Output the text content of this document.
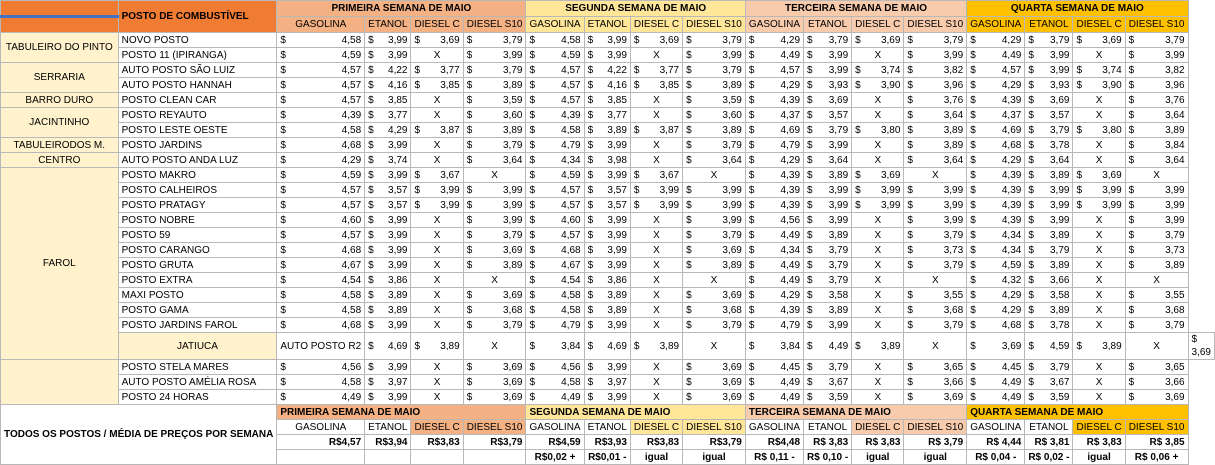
	POSTO DE COMBUSTÍVEL	PRIMEIRA SEMANA DE MAIO				SEGUNDA SEMANA DE MAIO				TERCEIRA SEMANA DE MAIO				QUARTA SEMANA DE MAIO				
		GASOLINA	ETANOL	DIESEL C	DIESEL S10	GASOLINA	ETANOL	DIESEL C	DIESEL S10	GASOLINA	ETANOL	DIESEL C	DIESEL S10	GASOLINA	ETANOL	DIESEL C	DIESEL S10	
TABULEIRO DO PINTO	NOVO POSTO	$ 4,58	$ 3,99	$ 3,69	$ 3,79	$ 4,58	$ 3,99	$ 3,69	$ 3,79	$ 4,29	$ 3,79	$ 3,69	$ 3,79	$ 4,29	$ 3,79	$ 3,69	$ 3,79	

	POSTO 11 (IPIRANGA)	$ 4,59	$ 3,99	X	$ 3,99	$ 4,59	$ 3,99	X	$ 3,99	$ 4,49	$ 3,99	X	$ 3,99	$ 4,49	$ 3,99	X	$ 3,99	

SERRARIA	AUTO POSTO SÃO LUIZ	$ 4,57	$ 4,22	$ 3,77	$ 3,79	$ 4,57	$ 4,22	$ 3,77	$ 3,79	$ 4,57	$ 3,99	$ 3,74	$ 3,82	$ 4,57	$ 3,99	$ 3,74	$ 3,82	

	AUTO POSTO HANNAH	$ 4,57	$ 4,16	$ 3,85	$ 3,89	$ 4,57	$ 4,16	$ 3,85	$ 3,89	$ 4,29	$ 3,93	$ 3,90	$ 3,96	$ 4,29	$ 3,93	$ 3,90	$ 3,96	

BARRO DURO	POSTO CLEAN CAR	$ 4,57	$ 3,85	X	$ 3,59	$ 4,57	$ 3,85	X	$ 3,59	$ 4,39	$ 3,69	X	$ 3,76	$ 4,39	$ 3,69	X	$ 3,76	

JACINTINHO	POSTO REYAUTO	$ 4,39	$ 3,77	X	$ 3,60	$ 4,39	$ 3,77	X	$ 3,60	$ 4,37	$ 3,57	X	$ 3,64	$ 4,37	$ 3,57	X	$ 3,64	

	POSTO LESTE OESTE	$ 4,58	$ 4,29	$ 3,87	$ 3,89	$ 4,58	$ 3,89	$ 3,87	$ 3,89	$ 4,69	$ 3,79	$ 3,80	$ 3,89	$ 4,69	$ 3,79	$ 3,80	$ 3,89	

TABULEIRODOS M.	POSTO JARDINS	$ 4,68	$ 3,99	X	$ 3,79	$ 4,79	$ 3,99	X	$ 3,79	$ 4,79	$ 3,99	X	$ 3,89	$ 4,68	$ 3,78	X	$ 3,84	

CENTRO	AUTO POSTO ANDA LUZ	$ 4,29	$ 3,74	X	$ 3,64	$ 4,34	$ 3,98	X	$ 3,64	$ 4,29	$ 3,64	X	$ 3,64	$ 4,29	$ 3,64	X	$ 3,64	

FAROL	POSTO MAKRO	$ 4,59	$ 3,99	$ 3,67	X	$ 4,59	$ 3,99	$ 3,67	X	$ 4,39	$ 3,89	$ 3,69	X	$ 4,39	$ 3,89	$ 3,69	X	
	POSTO CALHEIROS	$ 4,57	$ 3,57	$ 3,99	$ 3,99	$ 4,57	$ 3,57	$ 3,99	$ 3,99	$ 4,39	$ 3,99	$ 3,99	$ 3,99	$ 4,39	$ 3,99	$ 3,99	$ 3,99	

	POSTO PRATAGY	$ 4,57	$ 3,57	$ 3,99	$ 3,99	$ 4,57	$ 3,57	$ 3,99	$ 3,99	$ 4,39	$ 3,99	$ 3,99	$ 3,99	$ 4,39	$ 3,99	$ 3,99	$ 3,99	

	POSTO NOBRE	$ 4,60	$ 3,99	X	$ 3,99	$ 4,60	$ 3,99	X	$ 3,99	$ 4,56	$ 3,99	X	$ 3,99	$ 4,39	$ 3,99	X	$ 3,99	

	POSTO 59	$ 4,57	$ 3,99	X	$ 3,79	$ 4,57	$ 3,99	X	$ 3,79	$ 4,49	$ 3,89	X	$ 3,79	$ 4,34	$ 3,89	X	$ 3,79	

	POSTO CARANGO	$ 4,68	$ 3,99	X	$ 3,69	$ 4,68	$ 3,99	X	$ 3,69	$ 4,34	$ 3,79	X	$ 3,73	$ 4,34	$ 3,79	X	$ 3,73	

	POSTO GRUTA	$ 4,67	$ 3,99	X	$ 3,89	$ 4,67	$ 3,99	X	$ 3,89	$ 4,49	$ 3,79	X	$ 3,79	$ 4,59	$ 3,89	X	$ 3,89	

	POSTO EXTRA	$ 4,54	$ 3,86	X	X	$ 4,54	$ 3,86	X	X	$ 4,49	$ 3,79	X	X	$ 4,32	$ 3,66	X	X	
	MAXI POSTO	$ 4,58	$ 3,89	X	$ 3,69	$ 4,58	$ 3,89	X	$ 3,69	$ 4,29	$ 3,58	X	$ 3,55	$ 4,29	$ 3,58	X	$ 3,55	

	POSTO GAMA	$ 4,58	$ 3,89	X	$ 3,68	$ 4,58	$ 3,89	X	$ 3,68	$ 4,39	$ 3,89	X	$ 3,68	$ 4,29	$ 3,89	X	$ 3,68	

	POSTO JARDINS FAROL	$ 4,68	$ 3,99	X	$ 3,79	$ 4,79	$ 3,99	X	$ 3,79	$ 4,79	$ 3,99	X	$ 3,79	$ 4,68	$ 3,78	X	$ 3,79	

	JATIUCA	AUTO POSTO R2	$ 4,69	$ 3,89	X	$ 3,84	$ 4,69	$ 3,89	X	$ 3,84	$ 4,49	$ 3,89	X	$ 3,69	$ 4,59	$ 3,89	X	$
3,69

	POSTO STELA MARES	$ 4,56	$ 3,99	X	$ 3,69	$ 4,56	$ 3,99	X	$ 3,69	$ 4,45	$ 3,79	X	$ 3,65	$ 4,45	$ 3,79	X	$ 3,65	

	AUTO POSTO AMÉLIA ROSA	$ 4,58	$ 3,97	X	$ 3,69	$ 4,58	$ 3,97	X	$ 3,69	$ 4,49	$ 3,67	X	$ 3,66	$ 4,49	$ 3,67	X	$ 3,66	

	POSTO 24 HORAS	$ 4,49	$ 3,99	X	$ 3,69	$ 4,49	$ 3,99	X	$ 3,69	$ 4,49	$ 3,59	X	$ 3,69	$ 4,49	$ 3,59	X	$ 3,69	

TODOS OS POSTOS / MÉDIA DE PREÇOS POR SEMANA		PRIMEIRA SEMANA DE MAIO				SEGUNDA SEMANA DE MAIO				TERCEIRA SEMANA DE MAIO				QUARTA SEMANA DE MAIO				
		GASOLINA	ETANOL	DIESEL C	DIESEL S10	GASOLINA	ETANOL	DIESEL C	DIESEL S10	GASOLINA	ETANOL	DIESEL C	DIESEL S10	GASOLINA	ETANOL	DIESEL C	DIESEL S10	
		R$4,57	R$3,94	R$3,83	R$3,79	R$4,59	R$3,93	R$3,83	R$3,79	R$4,48	R$ 3,83	R$ 3,83	R$ 3,79	R$ 4,44	R$ 3,81	R$ 3,83	R$ 3,85	
						R$0,02 +	R$0,01 -	igual	igual	R$ 0,11 -	R$ 0,10 -	igual	igual	R$ 0,04 -	R$ 0,02 -	igual	R$ 0,06 +	
